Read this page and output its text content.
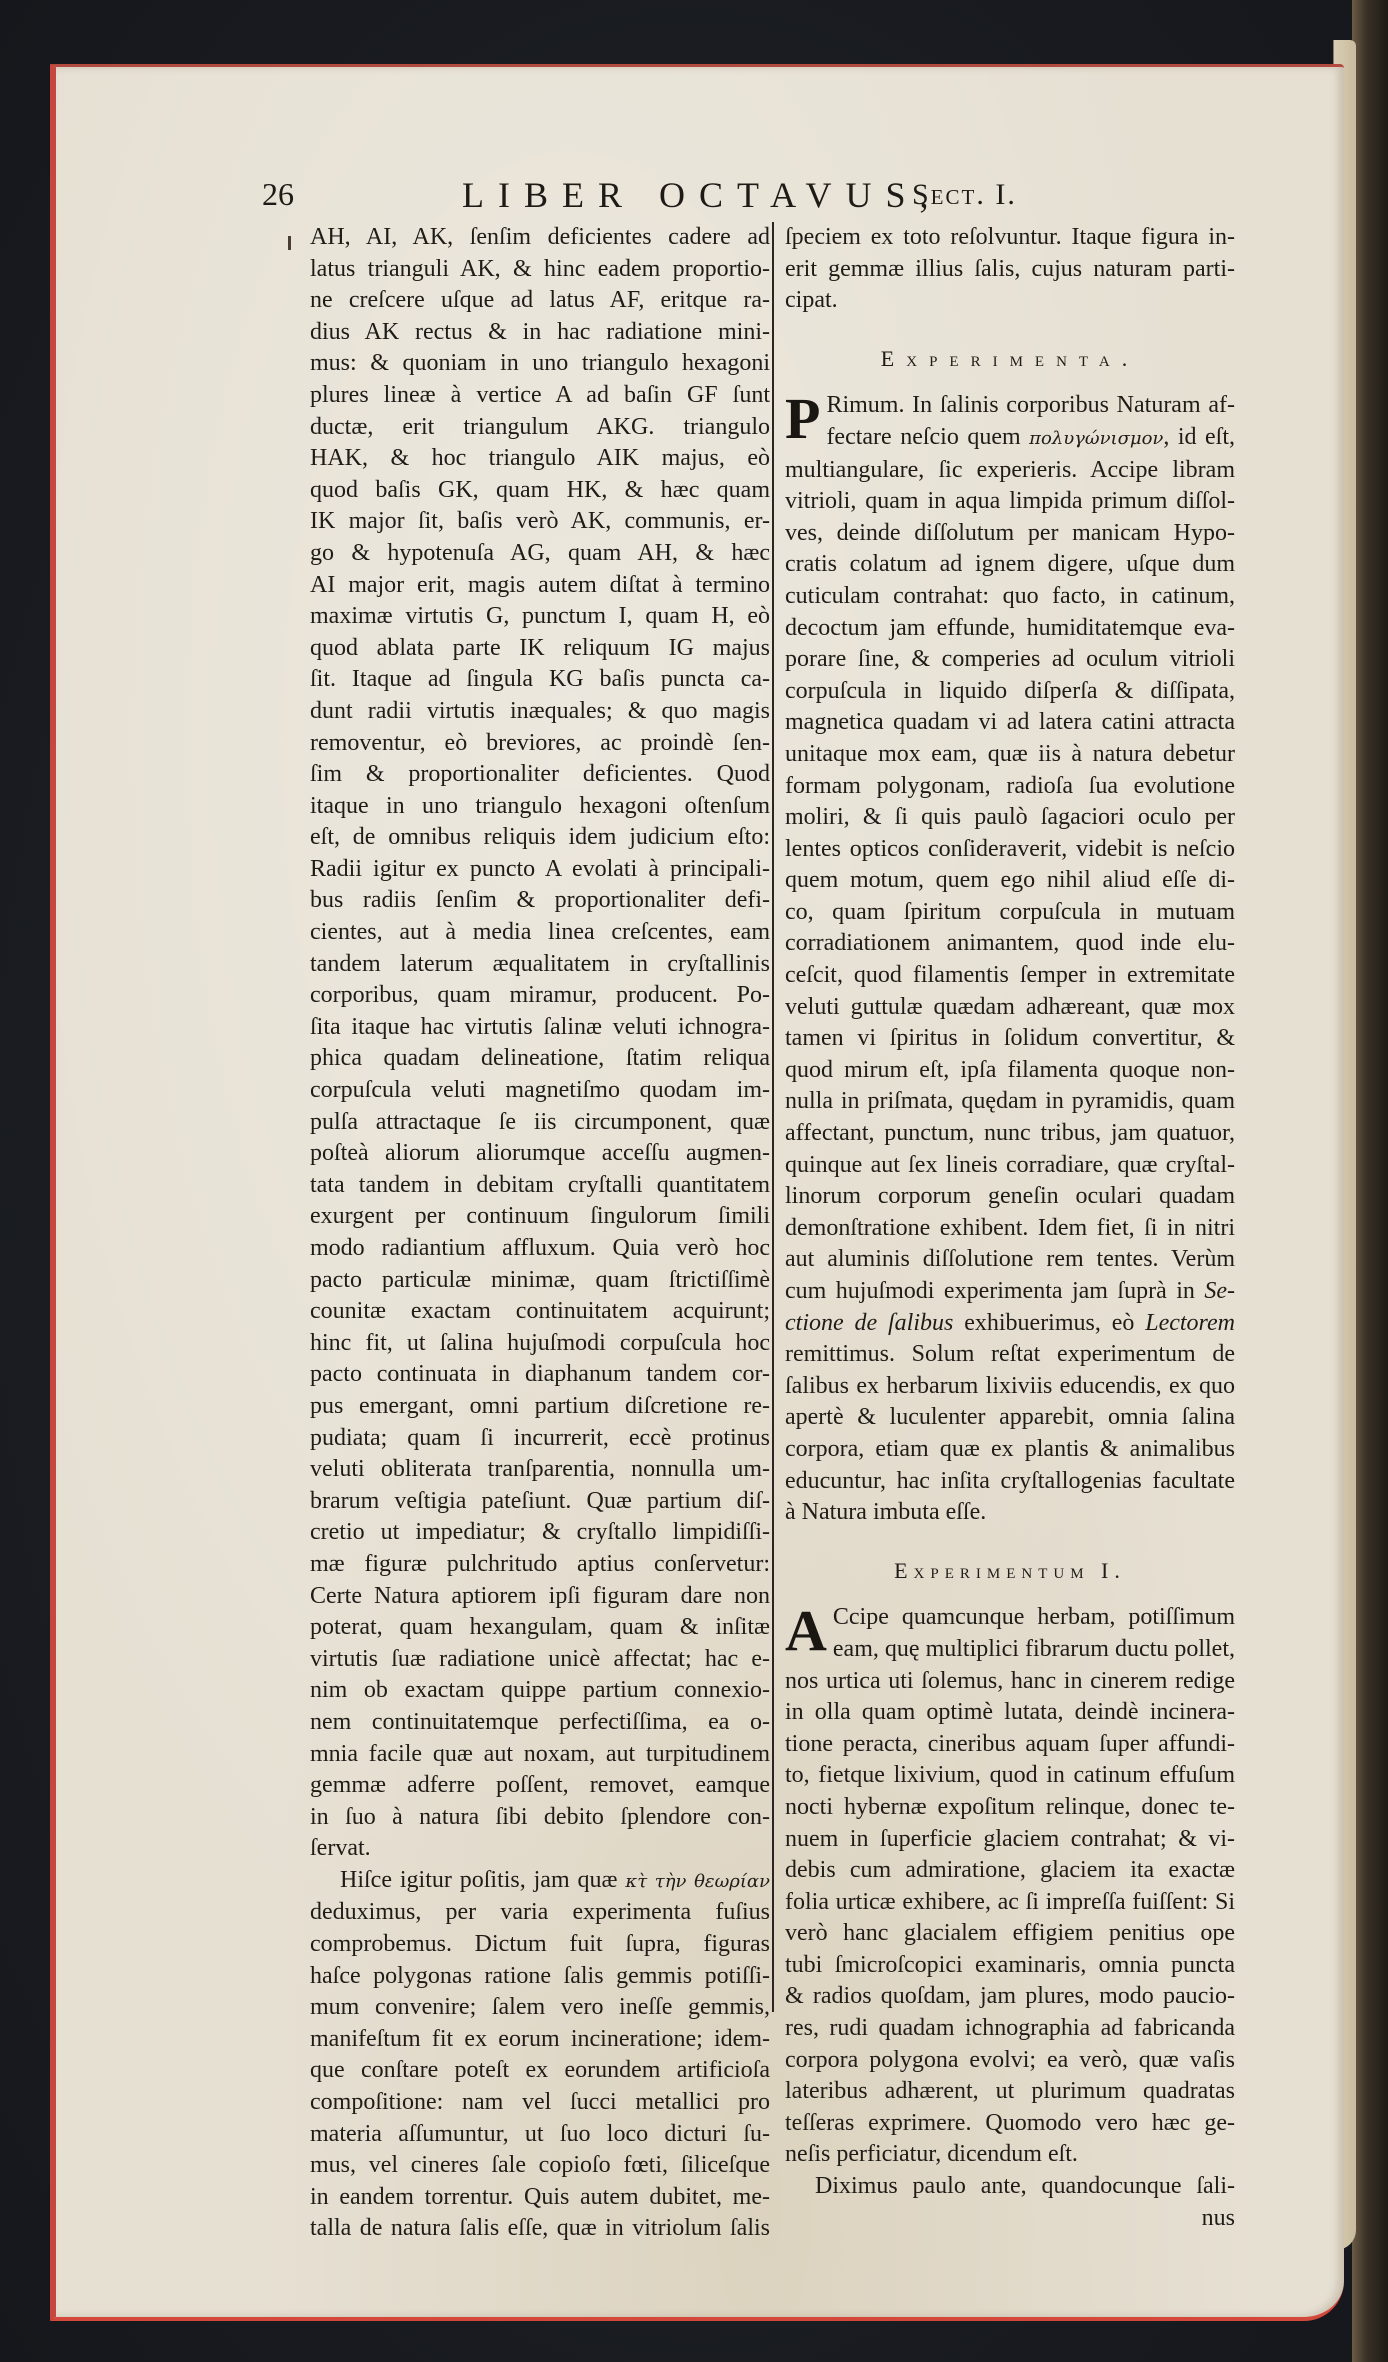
26	LIBER OCTAVUS,
Sect. I.
AH, AI, AK, ſenſim deficientes cadere ad
latus trianguli AK, & hinc eadem proportio-
ne creſcere uſque ad latus AF, eritque ra-
dius AK rectus & in hac radiatione mini-
mus: & quoniam in uno triangulo hexagoni
plures lineæ à vertice A ad baſin GF ſunt
ductæ, erit triangulum AKG. triangulo
HAK, & hoc triangulo AIK majus, eò
quod baſis GK, quam HK, & hæc quam
IK major ſit, baſis verò AK, communis, er-
go & hypotenuſa AG, quam AH, & hæc
AI major erit, magis autem diſtat à termino
maximæ virtutis G, punctum I, quam H, eò
quod ablata parte IK reliquum IG majus
ſit. Itaque ad ſingula KG baſis puncta ca-
dunt radii virtutis inæquales; & quo magis
removentur, eò breviores, ac proindè ſen-
ſim & proportionaliter deficientes. Quod
itaque in uno triangulo hexagoni oſtenſum
eſt, de omnibus reliquis idem judicium eſto:
Radii igitur ex puncto A evolati à principali-
bus radiis ſenſim & proportionaliter defi-
cientes, aut à media linea creſcentes, eam
tandem laterum æqualitatem in cryſtallinis
corporibus, quam miramur, producent. Po-
ſita itaque hac virtutis ſalinæ veluti ichnogra-
phica quadam delineatione, ſtatim reliqua
corpuſcula veluti magnetiſmo quodam im-
pulſa attractaque ſe iis circumponent, quæ
poſteà aliorum aliorumque acceſſu augmen-
tata tandem in debitam cryſtalli quantitatem
exurgent per continuum ſingulorum ſimili
modo radiantium affluxum. Quia verò hoc
pacto particulæ minimæ, quam ſtrictiſſimè
counitæ exactam continuitatem acquirunt;
hinc fit, ut ſalina hujuſmodi corpuſcula hoc
pacto continuata in diaphanum tandem cor-
pus emergant, omni partium diſcretione re-
pudiata; quam ſi incurrerit, eccè protinus
veluti obliterata tranſparentia, nonnulla um-
brarum veſtigia pateſiunt. Quæ partium diſ-
cretio ut impediatur; & cryſtallo limpidiſſi-
mæ figuræ pulchritudo aptius conſervetur:
Certe Natura aptiorem ipſi figuram dare non
poterat, quam hexangulam, quam & inſitæ
virtutis ſuæ radiatione unicè affectat; hac e-
nim ob exactam quippe partium connexio-
nem continuitatemque perfectiſſima, ea o-
mnia facile quæ aut noxam, aut turpitudinem
gemmæ adferre poſſent, removet, eamque
in ſuo à natura ſibi debito ſplendore con-
ſervat.
Hiſce igitur poſitis, jam quæ κτ̀ τὴν θεωρίαν
deduximus, per varia experimenta fuſius
comprobemus. Dictum fuit ſupra, figuras
haſce polygonas ratione ſalis gemmis potiſſi-
mum convenire; ſalem vero ineſſe gemmis,
manifeſtum fit ex eorum incineratione; idem-
que conſtare poteſt ex eorundem artificioſa
compoſitione: nam vel ſucci metallici pro
materia aſſumuntur, ut ſuo loco dicturi ſu-
mus, vel cineres ſale copioſo fœti, ſiliceſque
in eandem torrentur. Quis autem dubitet, me-
talla de natura ſalis eſſe, quæ in vitriolum ſalis
ſpeciem ex toto reſolvuntur. Itaque figura in-
erit gemmæ illius ſalis, cujus naturam parti-
cipat.
Experimenta.
P Rimum. In ſalinis corporibus Naturam af-
fectare neſcio quem πολυγώνισμον, id eſt,
multiangulare, ſic experieris. Accipe libram
vitrioli, quam in aqua limpida primum diſſol-
ves, deinde diſſolutum per manicam Hypo-
cratis colatum ad ignem digere, uſque dum
cuticulam contrahat: quo facto, in catinum,
decoctum jam effunde, humiditatemque eva-
porare ſine, & comperies ad oculum vitrioli
corpuſcula in liquido diſperſa & diſſipata,
magnetica quadam vi ad latera catini attracta
unitaque mox eam, quæ iis à natura debetur
formam polygonam, radioſa ſua evolutione
moliri, & ſi quis paulò ſagaciori oculo per
lentes opticos conſideraverit, videbit is neſcio
quem motum, quem ego nihil aliud eſſe di-
co, quam ſpiritum corpuſcula in mutuam
corradiationem animantem, quod inde elu-
ceſcit, quod filamentis ſemper in extremitate
veluti guttulæ quædam adhæreant, quæ mox
tamen vi ſpiritus in ſolidum convertitur, &
quod mirum eſt, ipſa filamenta quoque non-
nulla in priſmata, quędam in pyramidis, quam
affectant, punctum, nunc tribus, jam quatuor,
quinque aut ſex lineis corradiare, quæ cryſtal-
linorum corporum geneſin oculari quadam
demonſtratione exhibent. Idem fiet, ſi in nitri
aut aluminis diſſolutione rem tentes. Verùm
cum hujuſmodi experimenta jam ſuprà in Se-
ctione de ſalibus exhibuerimus, eò Lectorem
remittimus. Solum reſtat experimentum de
ſalibus ex herbarum lixiviis educendis, ex quo
apertè & luculenter apparebit, omnia ſalina
corpora, etiam quæ ex plantis & animalibus
educuntur, hac inſita cryſtallogenias facultate
à Natura imbuta eſſe.
Experimentum I.
A Ccipe quamcunque herbam, potiſſimum
eam, quę multiplici fibrarum ductu pollet,
nos urtica uti ſolemus, hanc in cinerem redige
in olla quam optimè lutata, deindè incinera-
tione peracta, cineribus aquam ſuper affundi-
to, fietque lixivium, quod in catinum effuſum
nocti hybernæ expoſitum relinque, donec te-
nuem in ſuperficie glaciem contrahat; & vi-
debis cum admiratione, glaciem ita exactæ
folia urticæ exhibere, ac ſi impreſſa fuiſſent: Si
verò hanc glacialem effigiem penitius ope
tubi ſmicroſcopici examinaris, omnia puncta
& radios quoſdam, jam plures, modo paucio-
res, rudi quadam ichnographia ad fabricanda
corpora polygona evolvi; ea verò, quæ vaſis
lateribus adhærent, ut plurimum quadratas
teſſeras exprimere. Quomodo vero hæc ge-
neſis perficiatur, dicendum eſt.
Diximus paulo ante, quandocunque ſali-
nus
